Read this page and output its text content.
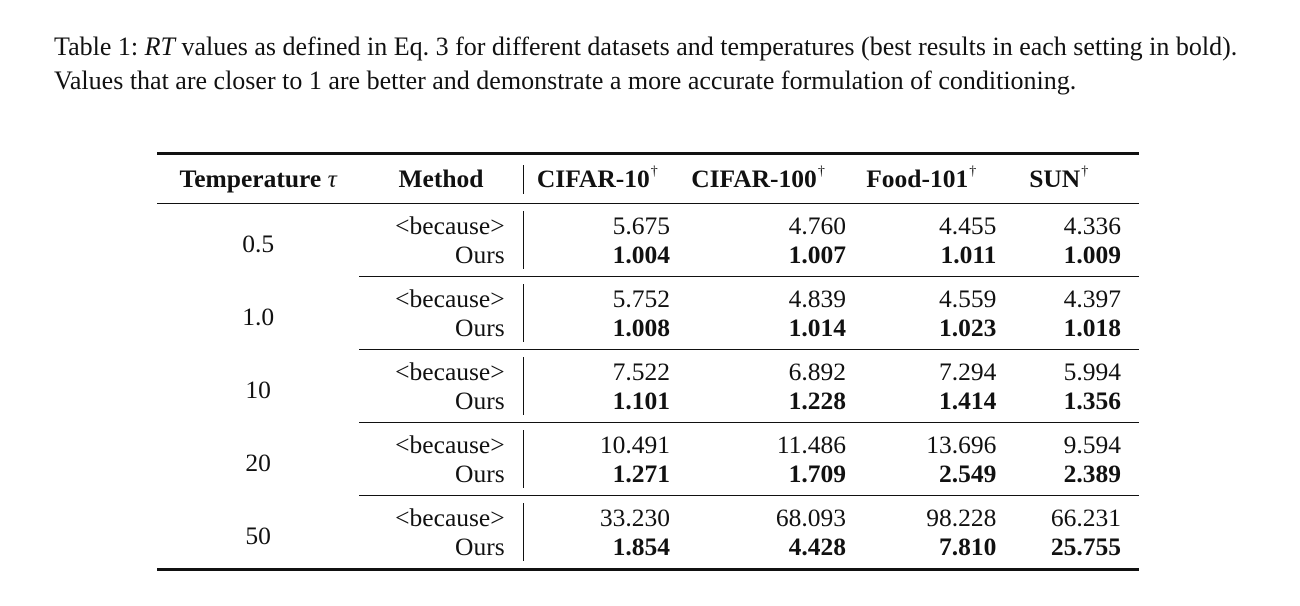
Table 1: RT values as defined in Eq. 3 for different datasets and temperatures (best results in each setting in bold). Values that are closer to 1 are better and demonstrate a more accurate formulation of conditioning.

Temperature τ	Method		CIFAR-10†	CIFAR-100†	Food-101†	SUN†
0.5	<because>		5.675	4.760	4.455	4.336
	Ours		1.004	1.007	1.011	1.009
1.0	<because>		5.752	4.839	4.559	4.397
	Ours		1.008	1.014	1.023	1.018
10	<because>		7.522	6.892	7.294	5.994
	Ours		1.101	1.228	1.414	1.356
20	<because>		10.491	11.486	13.696	9.594
	Ours		1.271	1.709	2.549	2.389
50	<because>		33.230	68.093	98.228	66.231
	Ours		1.854	4.428	7.810	25.755
